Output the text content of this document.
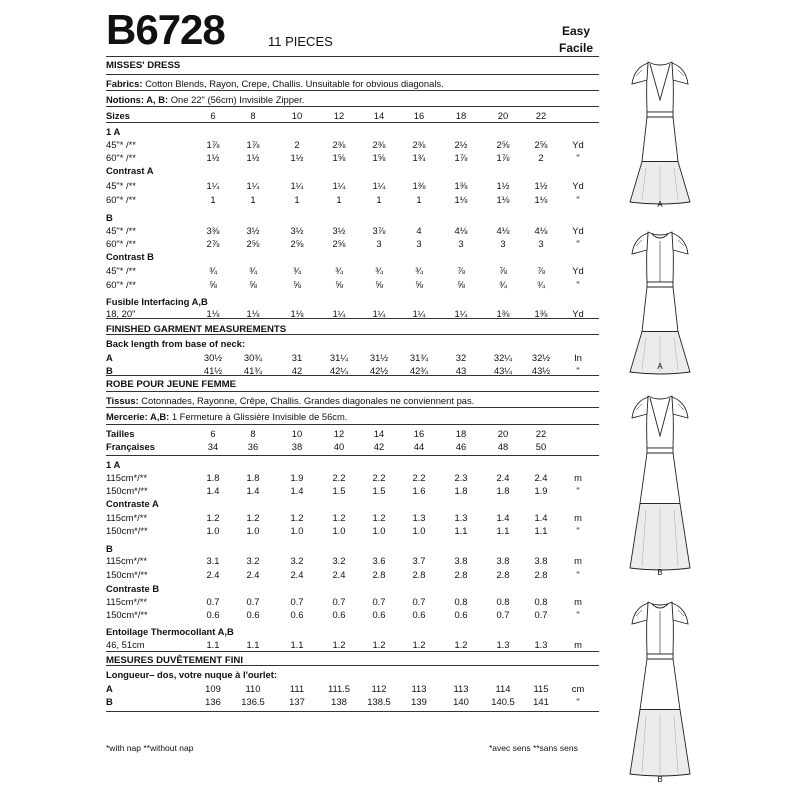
B6728	11 PIECES
Easy
Facile
MISSES' DRESS
Fabrics: Cotton Blends, Rayon, Crepe, Challis. Unsuitable for obvious diagonals.
Notions: A, B: One 22" (56cm) Invisible Zipper.
Sizes	6	8	10	12	14	16	18	20	22
1 A
45"* /**	1⅞	1⅞	2	2⅜	2⅜	2⅜	2½	2⅝	2⅝	Yd
60"* /**	1½	1½	1½	1⅝	1⅝	1¾	1⅞	1⅞	2	"
Contrast A
45"* /**	1¼	1¼	1¼	1¼	1¼	1⅜	1⅜	1½	1½	Yd
60"* /**	1	1	1	1	1	1	1⅛	1⅛	1⅛	"
B
45"* /**	3⅜	3½	3½	3½	3⅞	4	4⅛	4⅛	4⅛	Yd
60"* /**	2⅞	2⅝	2⅝	2⅝	3	3	3	3	3	"
Contrast B
45"* /**	¾	¾	¾	¾	¾	¾	⅞	⅞	⅞	Yd
60"* /**	⅝	⅝	⅝	⅝	⅝	⅝	⅝	¾	¾	"
Fusible Interfacing A,B
18, 20"	1⅛	1⅛	1⅛	1¼	1¼	1¼	1¼	1⅜	1⅜	Yd
FINISHED GARMENT MEASUREMENTS
Back length from base of neck:
A	30½	30¾	31	31¼	31½	31¾	32	32¼	32½	In
B	41½	41¾	42	42¼	42½	42¾	43	43¼	43½	"
ROBE POUR JEUNE FEMME
Tissus: Cotonnades, Rayonne, Crêpe, Challis. Grandes diagonales ne conviennent pas.
Mercerie: A,B: 1 Fermeture à Glissière Invisible de 56cm.
Tailles	6	8	10	12	14	16	18	20	22
Françaises	34	36	38	40	42	44	46	48	50
1 A
115cm*/**	1.8	1.8	1.9	2.2	2.2	2.2	2.3	2.4	2.4	m
150cm*/**	1.4	1.4	1.4	1.5	1.5	1.6	1.8	1.8	1.9	"
Contraste A
115cm*/**	1.2	1.2	1.2	1.2	1.2	1.3	1.3	1.4	1.4	m
150cm*/**	1.0	1.0	1.0	1.0	1.0	1.0	1.1	1.1	1.1	"
B
115cm*/**	3.1	3.2	3.2	3.2	3.6	3.7	3.8	3.8	3.8	m
150cm*/**	2.4	2.4	2.4	2.4	2.8	2.8	2.8	2.8	2.8	"
Contraste B
115cm*/**	0.7	0.7	0.7	0.7	0.7	0.7	0.8	0.8	0.8	m
150cm*/**	0.6	0.6	0.6	0.6	0.6	0.6	0.6	0.7	0.7	"
Entoilage Thermocollant A,B
46, 51cm	1.1	1.1	1.1	1.2	1.2	1.2	1.2	1.3	1.3	m
MESURES DUVÊTEMENT FINI
Longueur– dos, votre nuque à l'ourlet:
A	109	110	111	111.5	112	113	113	114	115	cm
B	136	136.5	137	138	138.5	139	140	140.5	141	"
*with nap **without nap	*avec sens **sans sens
A
A
B
B
